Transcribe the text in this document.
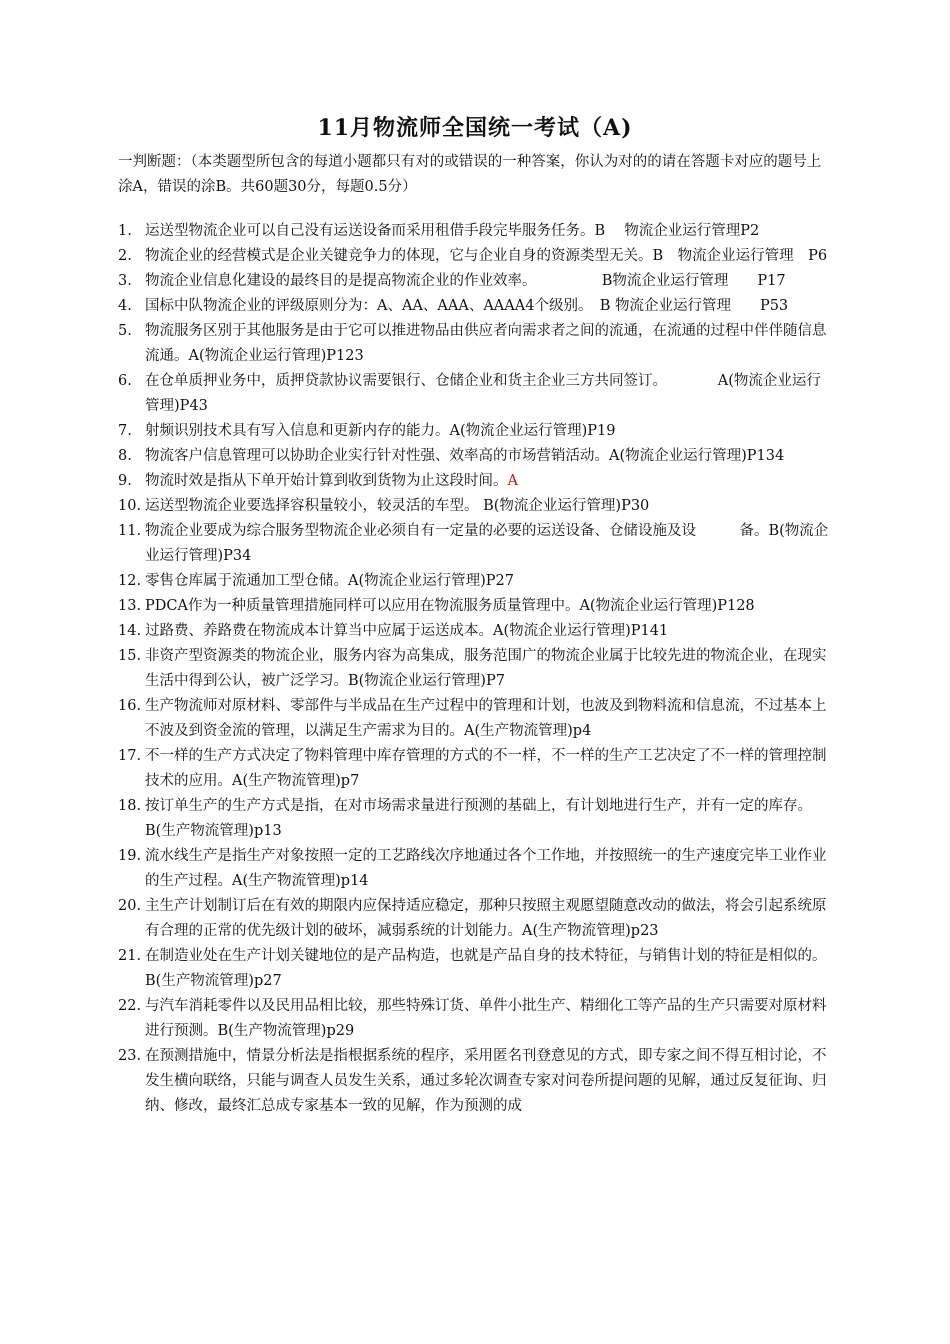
11月物流师全国统一考试（A)
一判断题：（本类题型所包含的每道小题都只有对的或错误的一种答案，你认为对的的请在答题卡对应的题号上涂A，错误的涂B。共60题30分，每题0.5分）
1. 运送型物流企业可以自己没有运送设备而采用租借手段完毕服务任务。B　 物流企业运行管理P2
2. 物流企业的经营模式是企业关键竞争力的体现，它与企业自身的资源类型无关。B　物流企业运行管理　P6
3. 物流企业信息化建设的最终目的是提高物流企业的作业效率。　　　　　B物流企业运行管理　　P17
4. 国标中队物流企业的评级原则分为：A、AA、AAA、AAAA4个级别。　B 物流企业运行管理　　P53
5. 物流服务区别于其他服务是由于它可以推进物品由供应者向需求者之间的流通，在流通的过程中伴伴随信息流通。A(物流企业运行管理)P123
6. 在仓单质押业务中，质押贷款协议需要银行、仓储企业和货主企业三方共同签订。　　　　A(物流企业运行管理)P43
7. 射频识别技术具有写入信息和更新内存的能力。A(物流企业运行管理)P19
8. 物流客户信息管理可以协助企业实行针对性强、效率高的市场营销活动。A(物流企业运行管理)P134
9. 物流时效是指从下单开始计算到收到货物为止这段时间。A
10. 运送型物流企业要选择容积量较小，较灵活的车型。 B(物流企业运行管理)P30
11. 物流企业要成为综合服务型物流企业必须自有一定量的必要的运送设备、仓储设施及设　　　备。B(物流企业运行管理)P34
12. 零售仓库属于流通加工型仓储。A(物流企业运行管理)P27
13. PDCA作为一种质量管理措施同样可以应用在物流服务质量管理中。A(物流企业运行管理)P128
14. 过路费、养路费在物流成本计算当中应属于运送成本。A(物流企业运行管理)P141
15. 非资产型资源类的物流企业，服务内容为高集成，服务范围广的物流企业属于比较先进的物流企业，在现实生活中得到公认，被广泛学习。B(物流企业运行管理)P7
16. 生产物流师对原材料、零部件与半成品在生产过程中的管理和计划，也波及到物料流和信息流，不过基本上不波及到资金流的管理，以满足生产需求为目的。A(生产物流管理)p4
17. 不一样的生产方式决定了物料管理中库存管理的方式的不一样，不一样的生产工艺决定了不一样的管理控制技术的应用。A(生产物流管理)p7
18. 按订单生产的生产方式是指，在对市场需求量进行预测的基础上，有计划地进行生产，并有一定的库存。B(生产物流管理)p13
19. 流水线生产是指生产对象按照一定的工艺路线次序地通过各个工作地，并按照统一的生产速度完毕工业作业的生产过程。A(生产物流管理)p14
20. 主生产计划制订后在有效的期限内应保持适应稳定，那种只按照主观愿望随意改动的做法，将会引起系统原有合理的正常的优先级计划的破坏，减弱系统的计划能力。A(生产物流管理)p23
21. 在制造业处在生产计划关键地位的是产品构造，也就是产品自身的技术特征，与销售计划的特征是相似的。B(生产物流管理)p27
22. 与汽车消耗零件以及民用品相比较，那些特殊订货、单件小批生产、精细化工等产品的生产只需要对原材料进行预测。B(生产物流管理)p29
23. 在预测措施中，情景分析法是指根据系统的程序，采用匿名刊登意见的方式，即专家之间不得互相讨论，不发生横向联络，只能与调查人员发生关系，通过多轮次调查专家对问卷所提问题的见解，通过反复征询、归纳、修改，最终汇总成专家基本一致的见解，作为预测的成
